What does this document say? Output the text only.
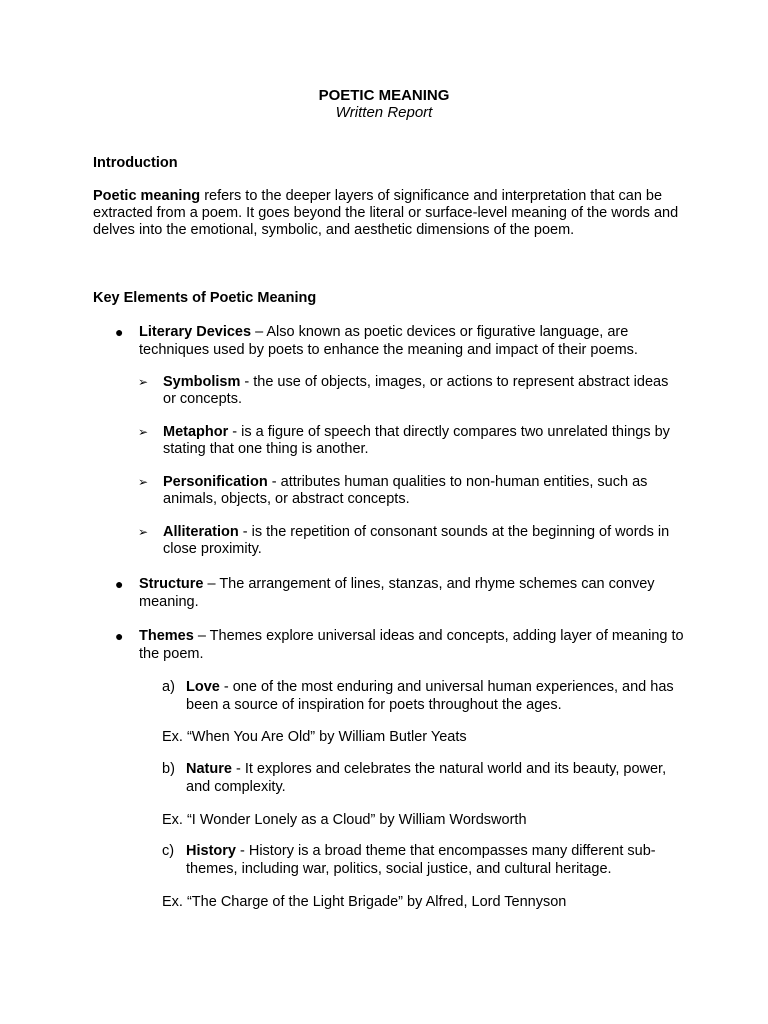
POETIC MEANING
Written Report
Introduction
Poetic meaning refers to the deeper layers of significance and interpretation that can be extracted from a poem. It goes beyond the literal or surface-level meaning of the words and delves into the emotional, symbolic, and aesthetic dimensions of the poem.
Key Elements of Poetic Meaning
● Literary Devices – Also known as poetic devices or figurative language, are techniques used by poets to enhance the meaning and impact of their poems.
➢	Symbolism - the use of objects, images, or actions to represent abstract ideas or concepts.
➢	Metaphor - is a figure of speech that directly compares two unrelated things by stating that one thing is another.
➢	Personification - attributes human qualities to non-human entities, such as animals, objects, or abstract concepts.
➢	Alliteration - is the repetition of consonant sounds at the beginning of words in close proximity.
● Structure – The arrangement of lines, stanzas, and rhyme schemes can convey meaning.
● Themes – Themes explore universal ideas and concepts, adding layer of meaning to the poem.
a) Love - one of the most enduring and universal human experiences, and has been a source of inspiration for poets throughout the ages.
Ex. “When You Are Old” by William Butler Yeats
b) Nature - It explores and celebrates the natural world and its beauty, power, and complexity.
Ex. “I Wonder Lonely as a Cloud” by William Wordsworth
c) History - History is a broad theme that encompasses many different sub-themes, including war, politics, social justice, and cultural heritage.
Ex. “The Charge of the Light Brigade” by Alfred, Lord Tennyson
